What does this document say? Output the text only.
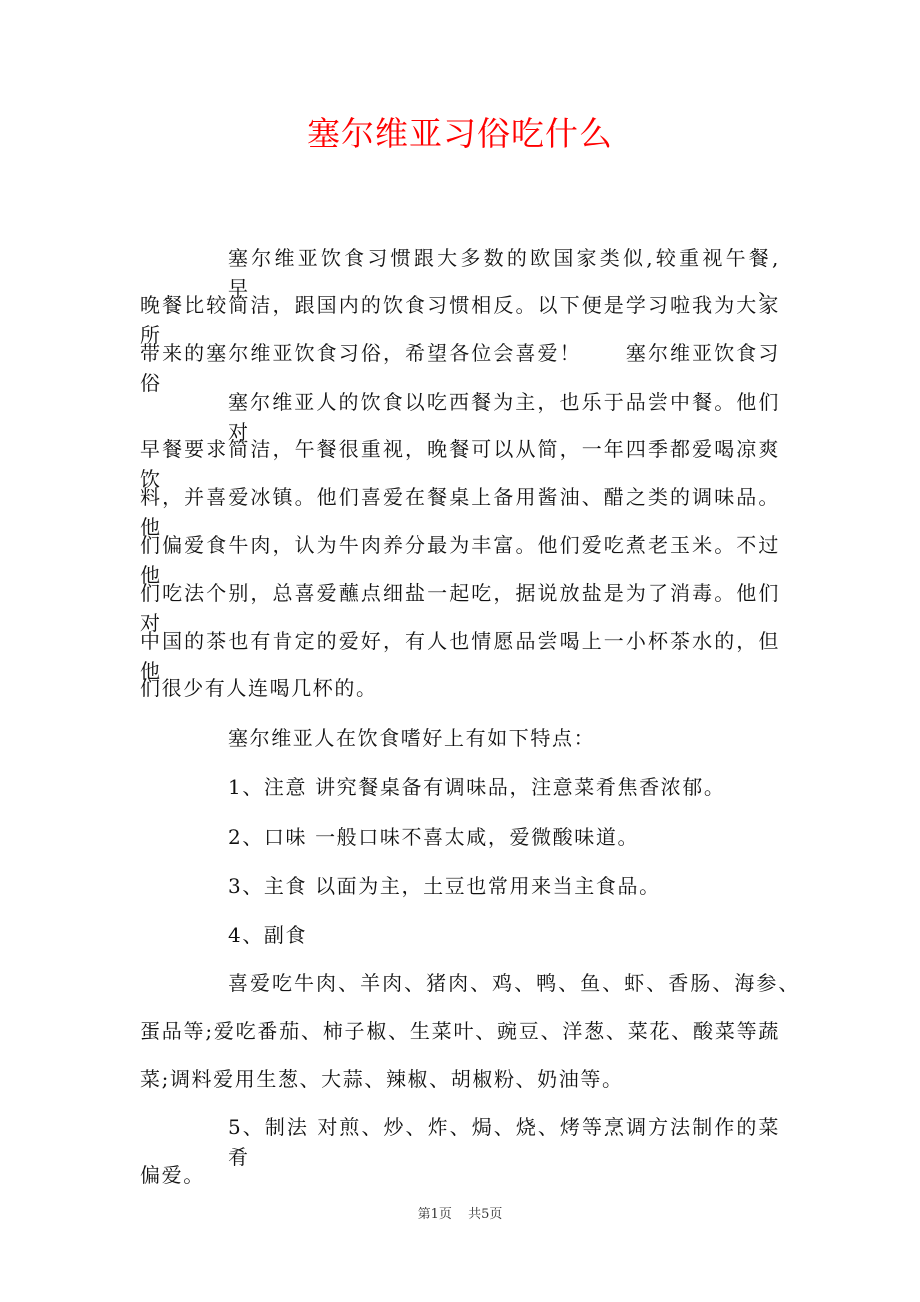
塞尔维亚习俗吃什么
塞尔维亚饮食习惯跟大多数的欧国家类似,较重视午餐,早、
晚餐比较简洁，跟国内的饮食习惯相反。以下便是学习啦我为大家所
带来的塞尔维亚饮食习俗，希望各位会喜爱！　　塞尔维亚饮食习俗
塞尔维亚人的饮食以吃西餐为主，也乐于品尝中餐。他们对
早餐要求简洁，午餐很重视，晚餐可以从简，一年四季都爱喝凉爽饮
料，并喜爱冰镇。他们喜爱在餐桌上备用酱油、醋之类的调味品。他
们偏爱食牛肉，认为牛肉养分最为丰富。他们爱吃煮老玉米。不过他
们吃法个别，总喜爱蘸点细盐一起吃，据说放盐是为了消毒。他们对
中国的茶也有肯定的爱好，有人也情愿品尝喝上一小杯茶水的，但他
们很少有人连喝几杯的。
塞尔维亚人在饮食嗜好上有如下特点：
1、注意 讲究餐桌备有调味品，注意菜肴焦香浓郁。
2、口味 一般口味不喜太咸，爱微酸味道。
3、主食 以面为主，土豆也常用来当主食品。
4、副食
喜爱吃牛肉、羊肉、猪肉、鸡、鸭、鱼、虾、香肠、海参、
蛋品等;爱吃番茄、柿子椒、生菜叶、豌豆、洋葱、菜花、酸菜等蔬
菜;调料爱用生葱、大蒜、辣椒、胡椒粉、奶油等。
5、制法 对煎、炒、炸、焗、烧、烤等烹调方法制作的菜肴
偏爱。
第1页 共5页
